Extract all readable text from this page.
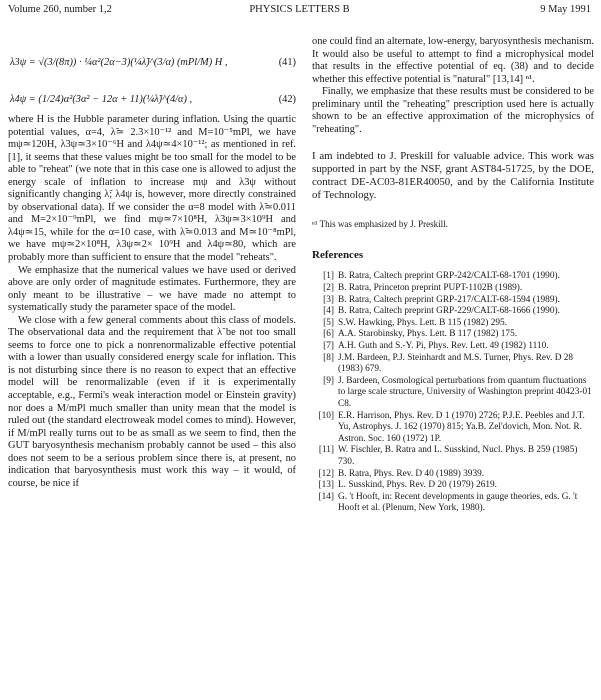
Volume 260, number 1,2	PHYSICS LETTERS B	9 May 1991
λ3ψ = √(3/(8π)) · ¼α²(2α−3)(¼λ̃)^(3/α) (mPl/M) H ,	(41)
λ4ψ = (1/24)α²(3α² − 12α + 11)(¼λ̃)^(4/α) ,	(42)

where H is the Hubble parameter during inflation. Using the quartic potential values, α=4, λ̃≃ 2.3×10⁻¹² and M=10⁻⁵mPl, we have mψ≃120H, λ3ψ≃3×10⁻⁶H and λ4ψ≃4×10⁻¹²; as mentioned in ref. [1], it seems that these values might be too small for the model to be able to "reheat" (we note that in this case one is allowed to adjust the energy scale of inflation to increase mψ and λ3ψ without significantly changing λ̃; λ4ψ is, however, more directly constrained by observational data). If we consider the α=8 model with λ̃≃0.011 and M=2×10⁻⁹mPl, we find mψ≃7×10⁸H, λ3ψ≃3×10⁹H and λ4ψ≃15, while for the α=10 case, with λ̃≃0.013 and M≃10⁻⁸mPl, we have mψ≃2×10⁸H, λ3ψ≃2× 10⁹H and λ4ψ≃80, which are probably more than sufficient to ensure that the model "reheats".

We emphasize that the numerical values we have used or derived above are only order of magnitude estimates. Furthermore, they are only meant to be illustrative – we have made no attempt to systematically study the parameter space of the model.

We close with a few general comments about this class of models. The observational data and the requirement that λ̃ be not too small seems to force one to pick a nonrenormalizable effective potential with a lower than usually considered energy scale for inflation. This is not disturbing since there is no reason to expect that an effective model will be renormalizable (even if it is experimentally acceptable, e.g., Fermi's weak interaction model or Einstein gravity) nor does a M/mPl much smaller than unity mean that the model is ruled out (the standard electroweak model comes to mind). However, if M/mPl really turns out to be as small as we seem to find, then the GUT baryosynthesis mechanism probably cannot be used – this also does not seem to be a serious problem since there is, at present, no indication that baryosynthesis must work this way – it would, of course, be nice if

one could find an alternate, low-energy, baryosynthesis mechanism. It would also be useful to attempt to find a microphysical model that results in the effective potential of eq. (38) and to decide whether this effective potential is "natural" [13,14] ⁿ¹.

Finally, we emphasize that these results must be considered to be preliminary until the "reheating" prescription used here is actually shown to be an effective approximation of the microphysics of "reheating".

I am indebted to J. Preskill for valuable advice. This work was supported in part by the NSF, grant AST84-51725, by the DOE, contract DE-AC03-81ER40050, and by the California Institute of Technology.

ⁿ¹ This was emphasized by J. Preskill.
References
[1] B. Ratra, Caltech preprint GRP-242/CALT-68-1701 (1990).
[2] B. Ratra, Princeton preprint PUPT-1102B (1989).
[3] B. Ratra, Caltech preprint GRP-217/CALT-68-1594 (1989).
[4] B. Ratra, Caltech preprint GRP-229/CALT-68-1666 (1990).
[5] S.W. Hawking, Phys. Lett. B 115 (1982) 295.
[6] A.A. Starobinsky, Phys. Lett. B 117 (1982) 175.
[7] A.H. Guth and S.-Y. Pi, Phys. Rev. Lett. 49 (1982) 1110.
[8] J.M. Bardeen, P.J. Steinhardt and M.S. Turner, Phys. Rev. D 28 (1983) 679.
[9] J. Bardeen, Cosmological perturbations from quantum fluctuations to large scale structure, University of Washington preprint 40423-01 C8.
[10] E.R. Harrison, Phys. Rev. D 1 (1970) 2726; P.J.E. Peebles and J.T. Yu, Astrophys. J. 162 (1970) 815; Ya.B. Zel'dovich, Mon. Not. R. Astron. Soc. 160 (1972) 1P.
[11] W. Fischler, B. Ratra and L. Susskind, Nucl. Phys. B 259 (1985) 730.
[12] B. Ratra, Phys. Rev. D 40 (1989) 3939.
[13] L. Susskind, Phys. Rev. D 20 (1979) 2619.
[14] G. 't Hooft, in: Recent developments in gauge theories, eds. G. 't Hooft et al. (Plenum, New York, 1980).
